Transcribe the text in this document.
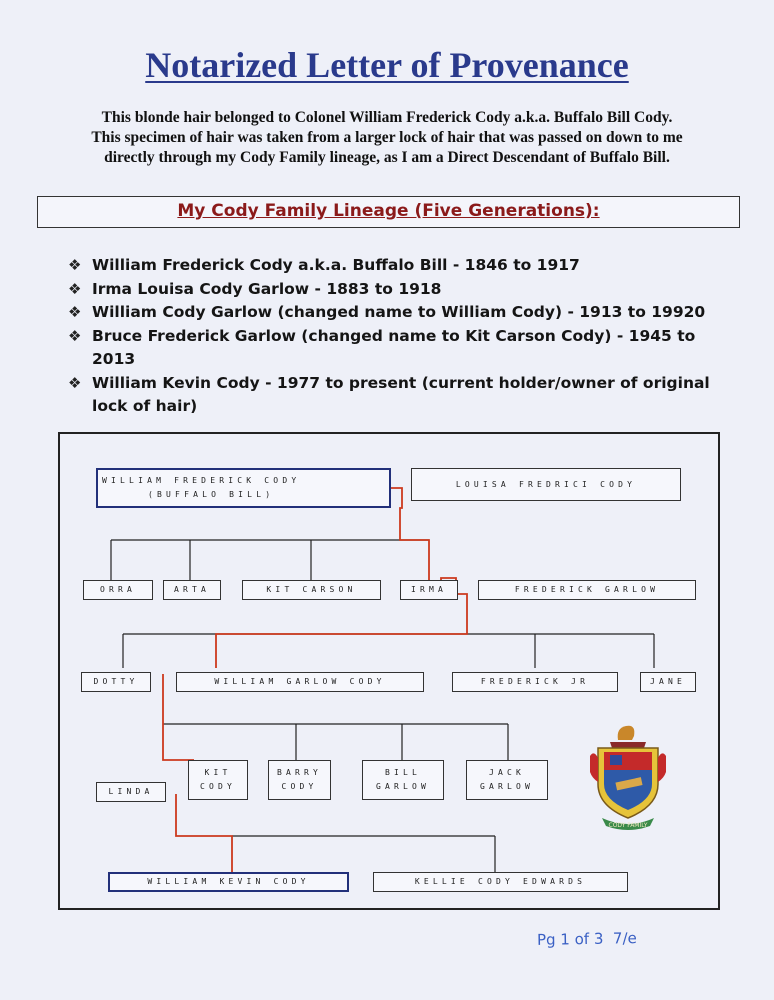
Notarized Letter of Provenance
This blonde hair belonged to Colonel William Frederick Cody a.k.a. Buffalo Bill Cody.
This specimen of hair was taken from a larger lock of hair that was passed on down to me
directly through my Cody Family lineage, as I am a Direct Descendant of Buffalo Bill.
My Cody Family Lineage (Five Generations):
❖ William Frederick Cody a.k.a. Buffalo Bill - 1846 to 1917
❖ Irma Louisa Cody Garlow - 1883 to 1918
❖ William Cody Garlow (changed name to William Cody) - 1913 to 19920
❖ Bruce Frederick Garlow (changed name to Kit Carson Cody) - 1945 to 2013
❖ William Kevin Cody - 1977 to present (current holder/owner of original lock of hair)
WILLIAM FREDERICK CODY
(BUFFALO BILL)
LOUISA FREDRICI CODY
ORRA	ARTA	KIT CARSON	IRMA	FREDERICK GARLOW
DOTTY	WILLIAM GARLOW CODY	FREDERICK JR	JANE
LINDA
KIT
CODY
BARRY
CODY
BILL
GARLOW
JACK
GARLOW
WILLIAM KEVIN CODY	KELLIE CODY EDWARDS
CODY FAMILY
Pg 1 of 3 7/e
